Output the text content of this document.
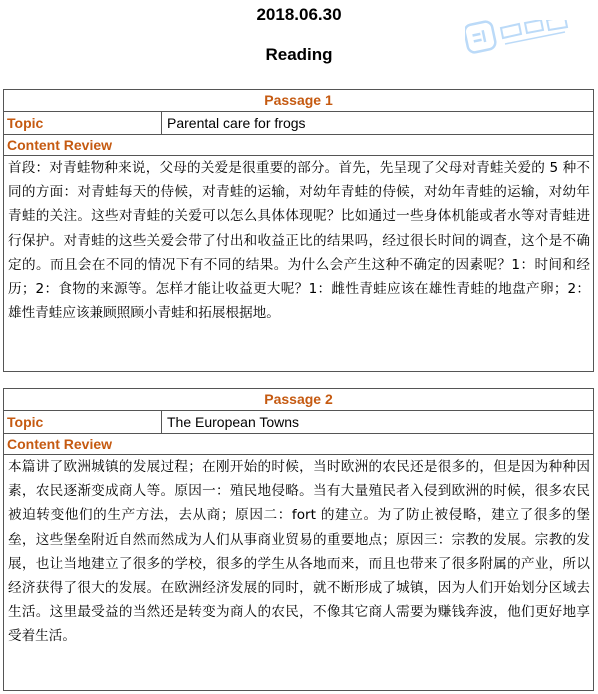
2018.06.30
Reading
Passage 1
Topic	Parental care for frogs
Content Review
首段：对青蛙物种来说，父母的关爱是很重要的部分。首先，先呈现了父母对青蛙关爱的 5 种不同的方面：对青蛙每天的侍候，对青蛙的运输，对幼年青蛙的侍候，对幼年青蛙的运输，对幼年青蛙的关注。这些对青蛙的关爱可以怎么具体体现呢？比如通过一些身体机能或者水等对青蛙进行保护。对青蛙的这些关爱会带了付出和收益正比的结果吗，经过很长时间的调查，这个是不确定的。而且会在不同的情况下有不同的结果。为什么会产生这种不确定的因素呢？1：时间和经历；2：食物的来源等。怎样才能让收益更大呢？1：雌性青蛙应该在雄性青蛙的地盘产卵；2：雄性青蛙应该兼顾照顾小青蛙和拓展根据地。
Passage 2
Topic	The European Towns
Content Review
本篇讲了欧洲城镇的发展过程；在刚开始的时候，当时欧洲的农民还是很多的，但是因为种种因素，农民逐渐变成商人等。原因一：殖民地侵略。当有大量殖民者入侵到欧洲的时候，很多农民被迫转变他们的生产方法，去从商；原因二：fort 的建立。为了防止被侵略，建立了很多的堡垒，这些堡垒附近自然而然成为人们从事商业贸易的重要地点；原因三：宗教的发展。宗教的发展，也让当地建立了很多的学校，很多的学生从各地而来，而且也带来了很多附属的产业，所以经济获得了很大的发展。在欧洲经济发展的同时，就不断形成了城镇，因为人们开始划分区域去生活。这里最受益的当然还是转变为商人的农民，不像其它商人需要为赚钱奔波，他们更好地享受着生活。
